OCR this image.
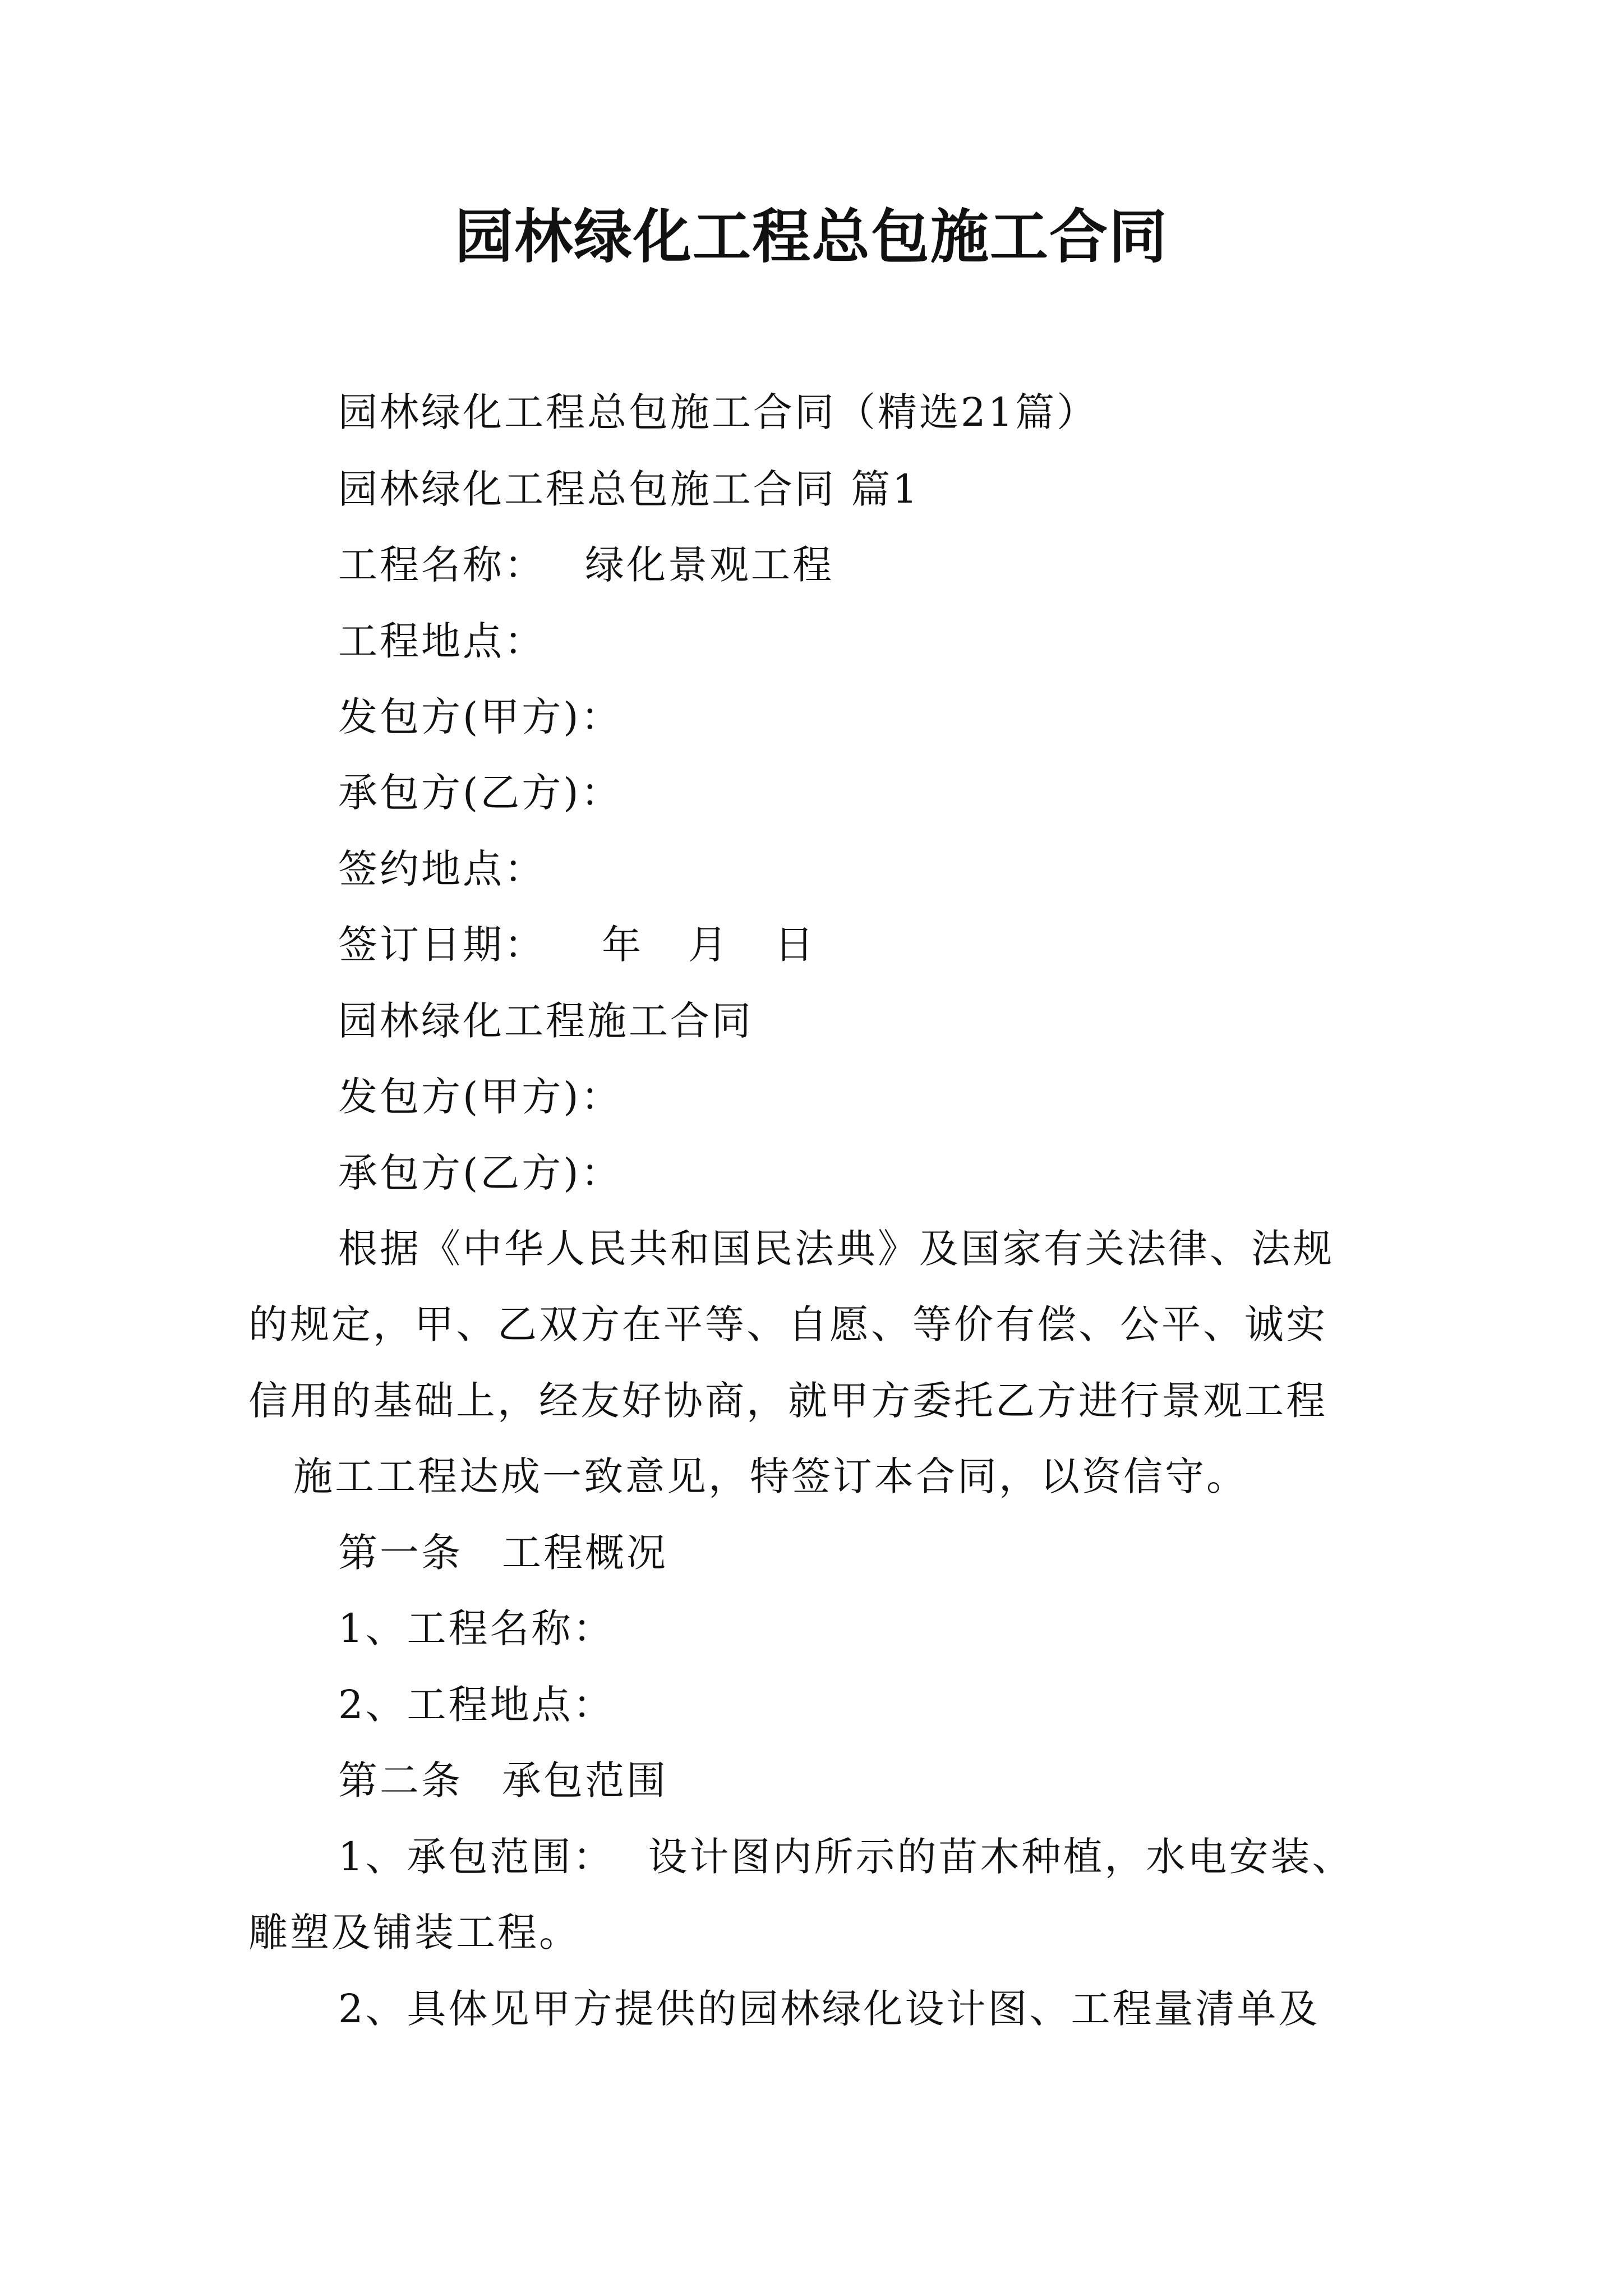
园林绿化工程总包施工合同
园林绿化工程总包施工合同（精选21篇）
园林绿化工程总包施工合同 篇1
工程名称： 绿化景观工程
工程地点：
发包方(甲方)：
承包方(乙方)：
签约地点：
签订日期： 年 月 日
园林绿化工程施工合同
发包方(甲方)：
承包方(乙方)：
根据《中华人民共和国民法典》及国家有关法律、法规
的规定，甲、乙双方在平等、自愿、等价有偿、公平、诚实
信用的基础上，经友好协商，就甲方委托乙方进行景观工程
施工工程达成一致意见，特签订本合同，以资信守。
第一条 工程概况
1、工程名称：
2、工程地点：
第二条 承包范围
1、承包范围： 设计图内所示的苗木种植，水电安装、
雕塑及铺装工程。
2、具体见甲方提供的园林绿化设计图、工程量清单及
